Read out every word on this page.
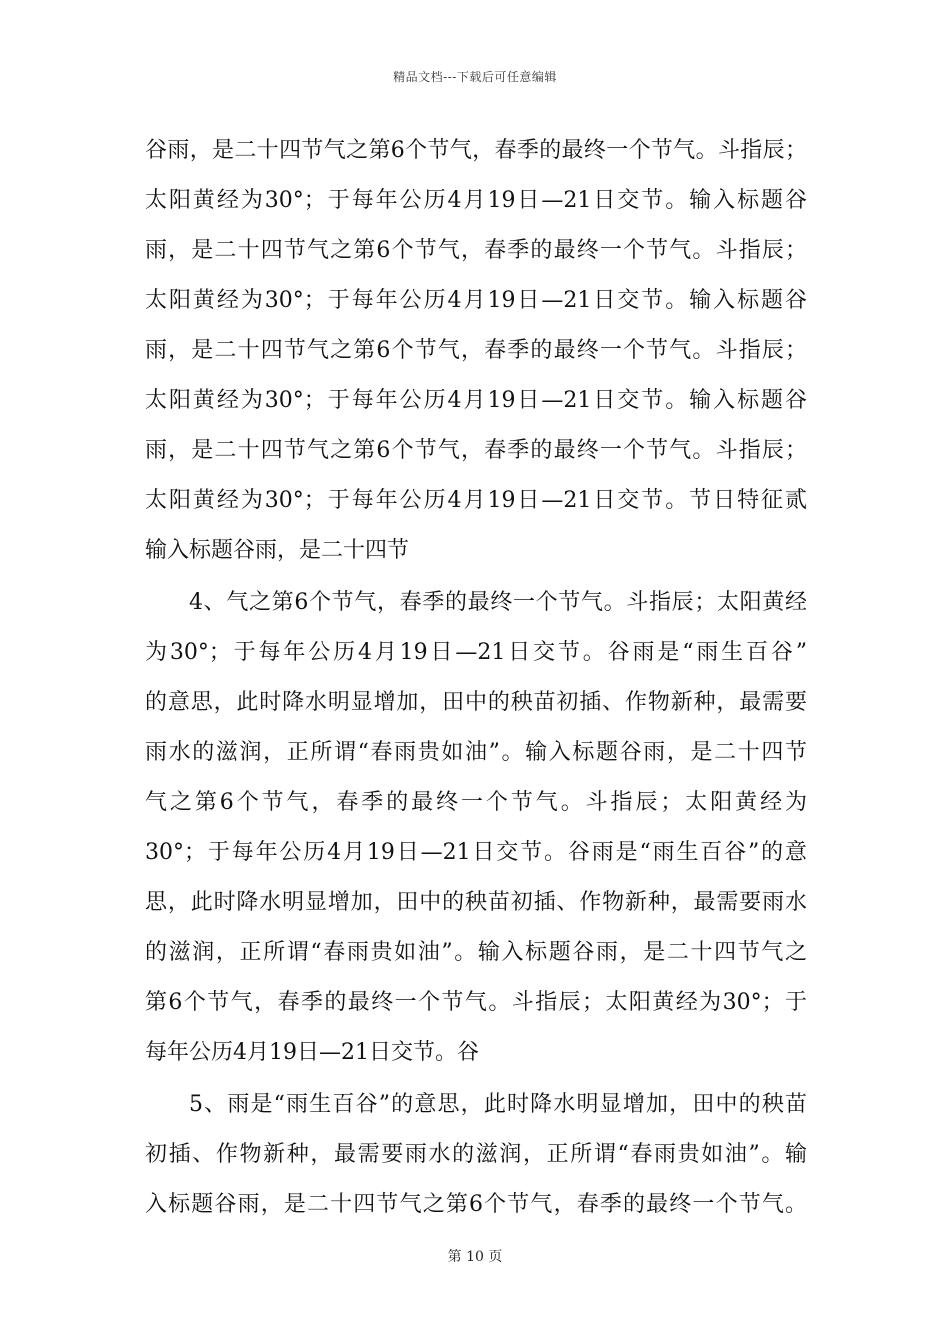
精品文档---下载后可任意编辑
谷雨，是二十四节气之第6个节气，春季的最终一个节气。斗指辰；
太阳黄经为30°；于每年公历4月19日—21日交节。输入标题谷
雨，是二十四节气之第6个节气，春季的最终一个节气。斗指辰；
太阳黄经为30°；于每年公历4月19日—21日交节。输入标题谷
雨，是二十四节气之第6个节气，春季的最终一个节气。斗指辰；
太阳黄经为30°；于每年公历4月19日—21日交节。输入标题谷
雨，是二十四节气之第6个节气，春季的最终一个节气。斗指辰；
太阳黄经为30°；于每年公历4月19日—21日交节。节日特征贰
输入标题谷雨，是二十四节
4、气之第6个节气，春季的最终一个节气。斗指辰；太阳黄经
为30°；于每年公历4月19日—21日交节。谷雨是“雨生百谷”
的意思，此时降水明显增加，田中的秧苗初插、作物新种，最需要
雨水的滋润，正所谓“春雨贵如油”。输入标题谷雨，是二十四节
气之第6个节气，春季的最终一个节气。斗指辰；太阳黄经为
30°；于每年公历4月19日—21日交节。谷雨是“雨生百谷”的意
思，此时降水明显增加，田中的秧苗初插、作物新种，最需要雨水
的滋润，正所谓“春雨贵如油”。输入标题谷雨，是二十四节气之
第6个节气，春季的最终一个节气。斗指辰；太阳黄经为30°；于
每年公历4月19日—21日交节。谷
5、雨是“雨生百谷”的意思，此时降水明显增加，田中的秧苗
初插、作物新种，最需要雨水的滋润，正所谓“春雨贵如油”。输
入标题谷雨，是二十四节气之第6个节气，春季的最终一个节气。
第 10 页
